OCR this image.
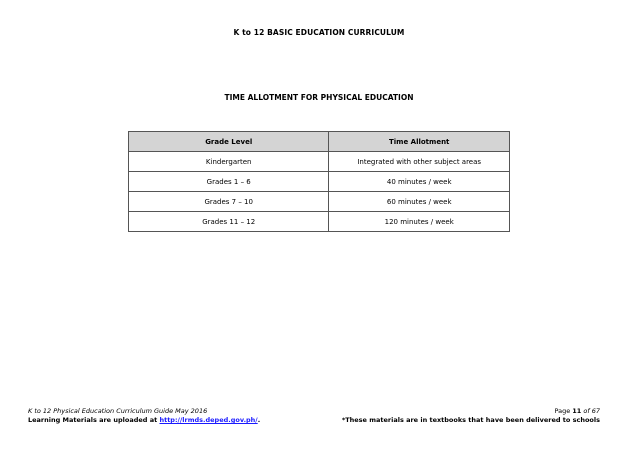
K to 12 BASIC EDUCATION CURRICULUM
TIME ALLOTMENT FOR PHYSICAL EDUCATION
Grade Level	Time Allotment
Kindergarten	Integrated with other subject areas
Grades 1 – 6	40 minutes / week
Grades 7 – 10	60 minutes / week
Grades 11 – 12	120 minutes / week
K to 12 Physical Education Curriculum Guide May 2016
Learning Materials are uploaded at http://lrmds.deped.gov.ph/.
Page 11 of 67
*These materials are in textbooks that have been delivered to schools
